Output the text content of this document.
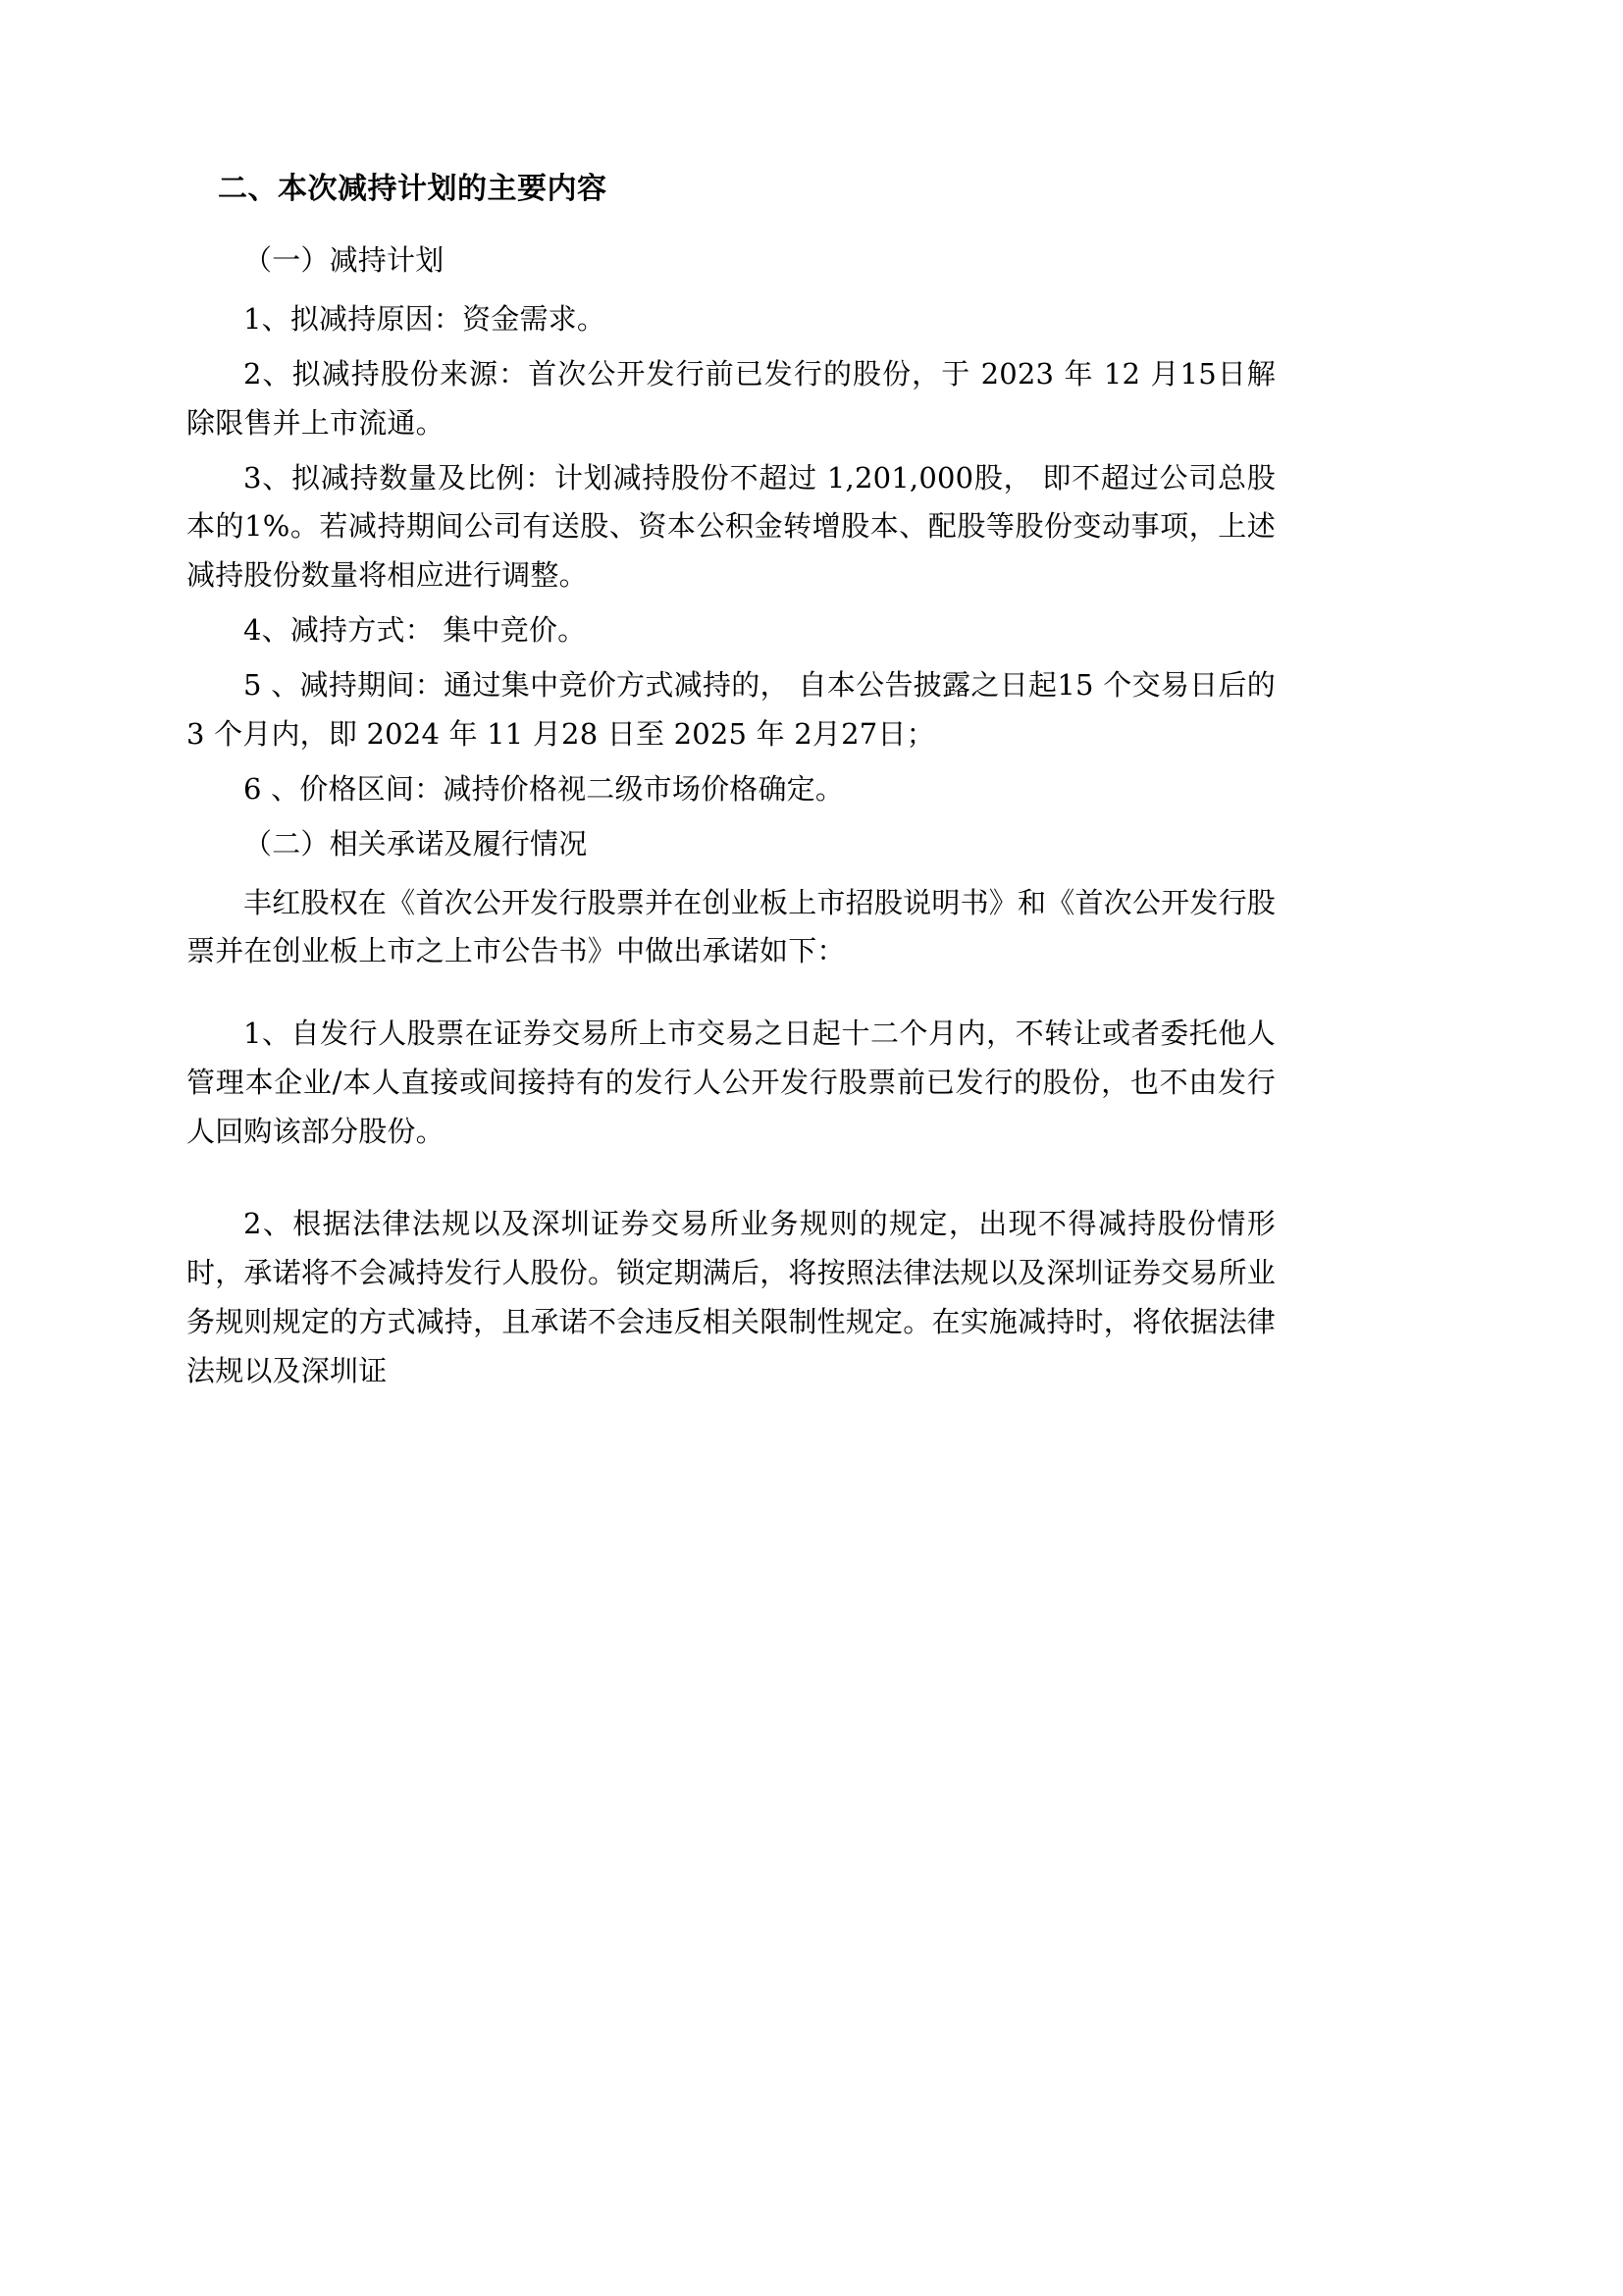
二、本次减持计划的主要内容

（一）减持计划

1、拟减持原因：资金需求。

2、拟减持股份来源：首次公开发行前已发行的股份，于 2023 年 12 月15日解除限售并上市流通。

3、拟减持数量及比例：计划减持股份不超过 1,201,000股， 即不超过公司总股本的1%。若减持期间公司有送股、资本公积金转增股本、配股等股份变动事项，上述减持股份数量将相应进行调整。

4、减持方式： 集中竞价。

5 、减持期间：通过集中竞价方式减持的， 自本公告披露之日起15 个交易日后的 3 个月内，即 2024 年 11 月28 日至 2025 年 2月27日；

6 、价格区间：减持价格视二级市场价格确定。

（二）相关承诺及履行情况

丰红股权在《首次公开发行股票并在创业板上市招股说明书》和《首次公开发行股票并在创业板上市之上市公告书》中做出承诺如下：

1、自发行人股票在证券交易所上市交易之日起十二个月内，不转让或者委托他人管理本企业/本人直接或间接持有的发行人公开发行股票前已发行的股份，也不由发行人回购该部分股份。

2、根据法律法规以及深圳证券交易所业务规则的规定，出现不得减持股份情形时，承诺将不会减持发行人股份。锁定期满后，将按照法律法规以及深圳证券交易所业务规则规定的方式减持，且承诺不会违反相关限制性规定。在实施减持时，将依据法律法规以及深圳证
